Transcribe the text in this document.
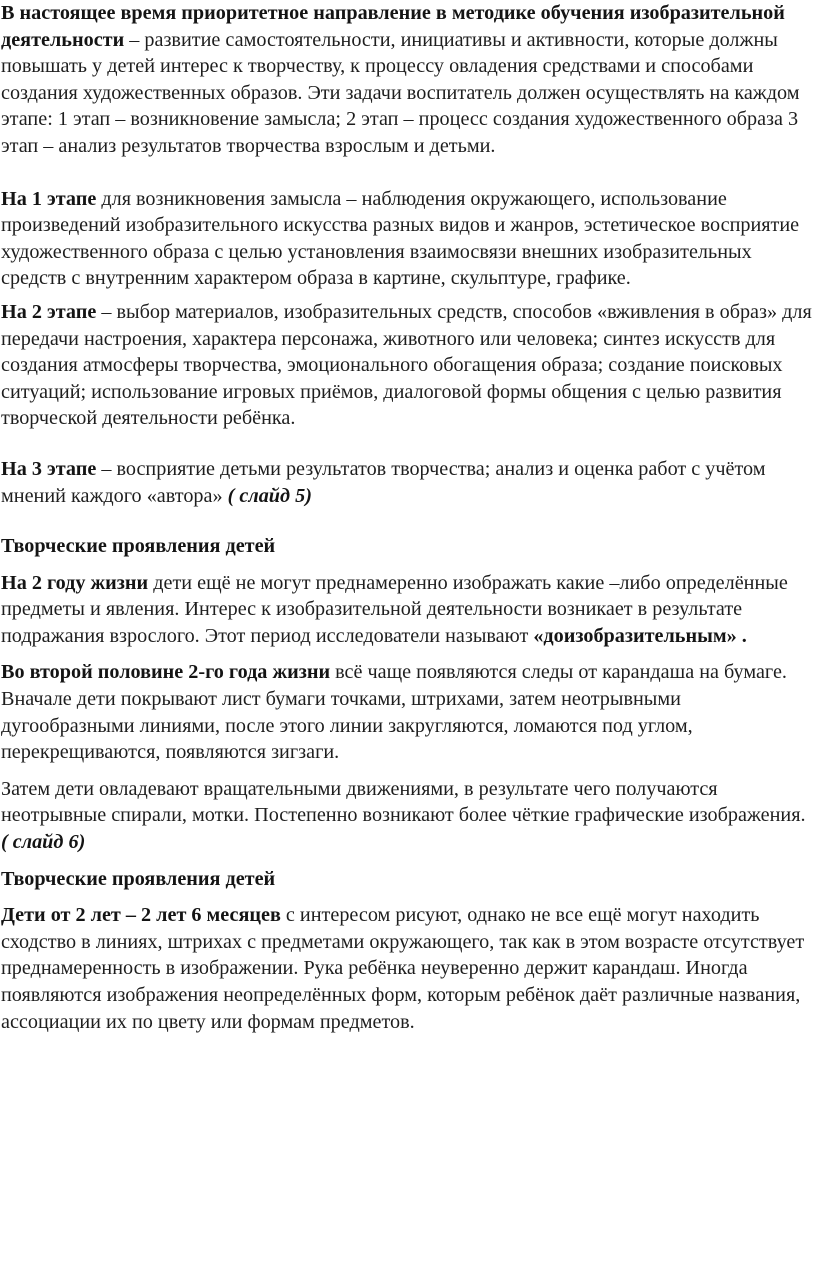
В настоящее время приоритетное направление в методике обучения изобразительной деятельности – развитие самостоятельности, инициативы и активности, которые должны повышать у детей интерес к творчеству, к процессу овладения средствами и способами создания художественных образов. Эти задачи воспитатель должен осуществлять на каждом этапе: 1 этап – возникновение замысла; 2 этап – процесс создания художественного образа 3 этап – анализ результатов творчества взрослым и детьми.

На 1 этапе для возникновения замысла – наблюдения окружающего, использование произведений изобразительного искусства разных видов и жанров, эстетическое восприятие художественного образа с целью установления взаимосвязи внешних изобразительных средств с внутренним характером образа в картине, скульптуре, графике.

На 2 этапе – выбор материалов, изобразительных средств, способов «вживления в образ» для передачи настроения, характера персонажа, животного или человека; синтез искусств для создания атмосферы творчества, эмоционального обогащения образа; создание поисковых ситуаций; использование игровых приёмов, диалоговой формы общения с целью развития творческой деятельности ребёнка.

На 3 этапе – восприятие детьми результатов творчества; анализ и оценка работ с учётом мнений каждого «автора» ( слайд 5)

Творческие проявления детей

На 2 году жизни дети ещё не могут преднамеренно изображать какие –либо определённые предметы и явления. Интерес к изобразительной деятельности возникает в результате подражания взрослого. Этот период исследователи называют «доизобразительным» .

Во второй половине 2-го года жизни всё чаще появляются следы от карандаша на бумаге. Вначале дети покрывают лист бумаги точками, штрихами, затем неотрывными дугообразными линиями, после этого линии закругляются, ломаются под углом, перекрещиваются, появляются зигзаги.

Затем дети овладевают вращательными движениями, в результате чего получаются неотрывные спирали, мотки. Постепенно возникают более чёткие графические изображения. ( слайд 6)

Творческие проявления детей

Дети от 2 лет – 2 лет 6 месяцев с интересом рисуют, однако не все ещё могут находить сходство в линиях, штрихах с предметами окружающего, так как в этом возрасте отсутствует преднамеренность в изображении. Рука ребёнка неуверенно держит карандаш. Иногда появляются изображения неопределённых форм, которым ребёнок даёт различные названия, ассоциации их по цвету или формам предметов.
